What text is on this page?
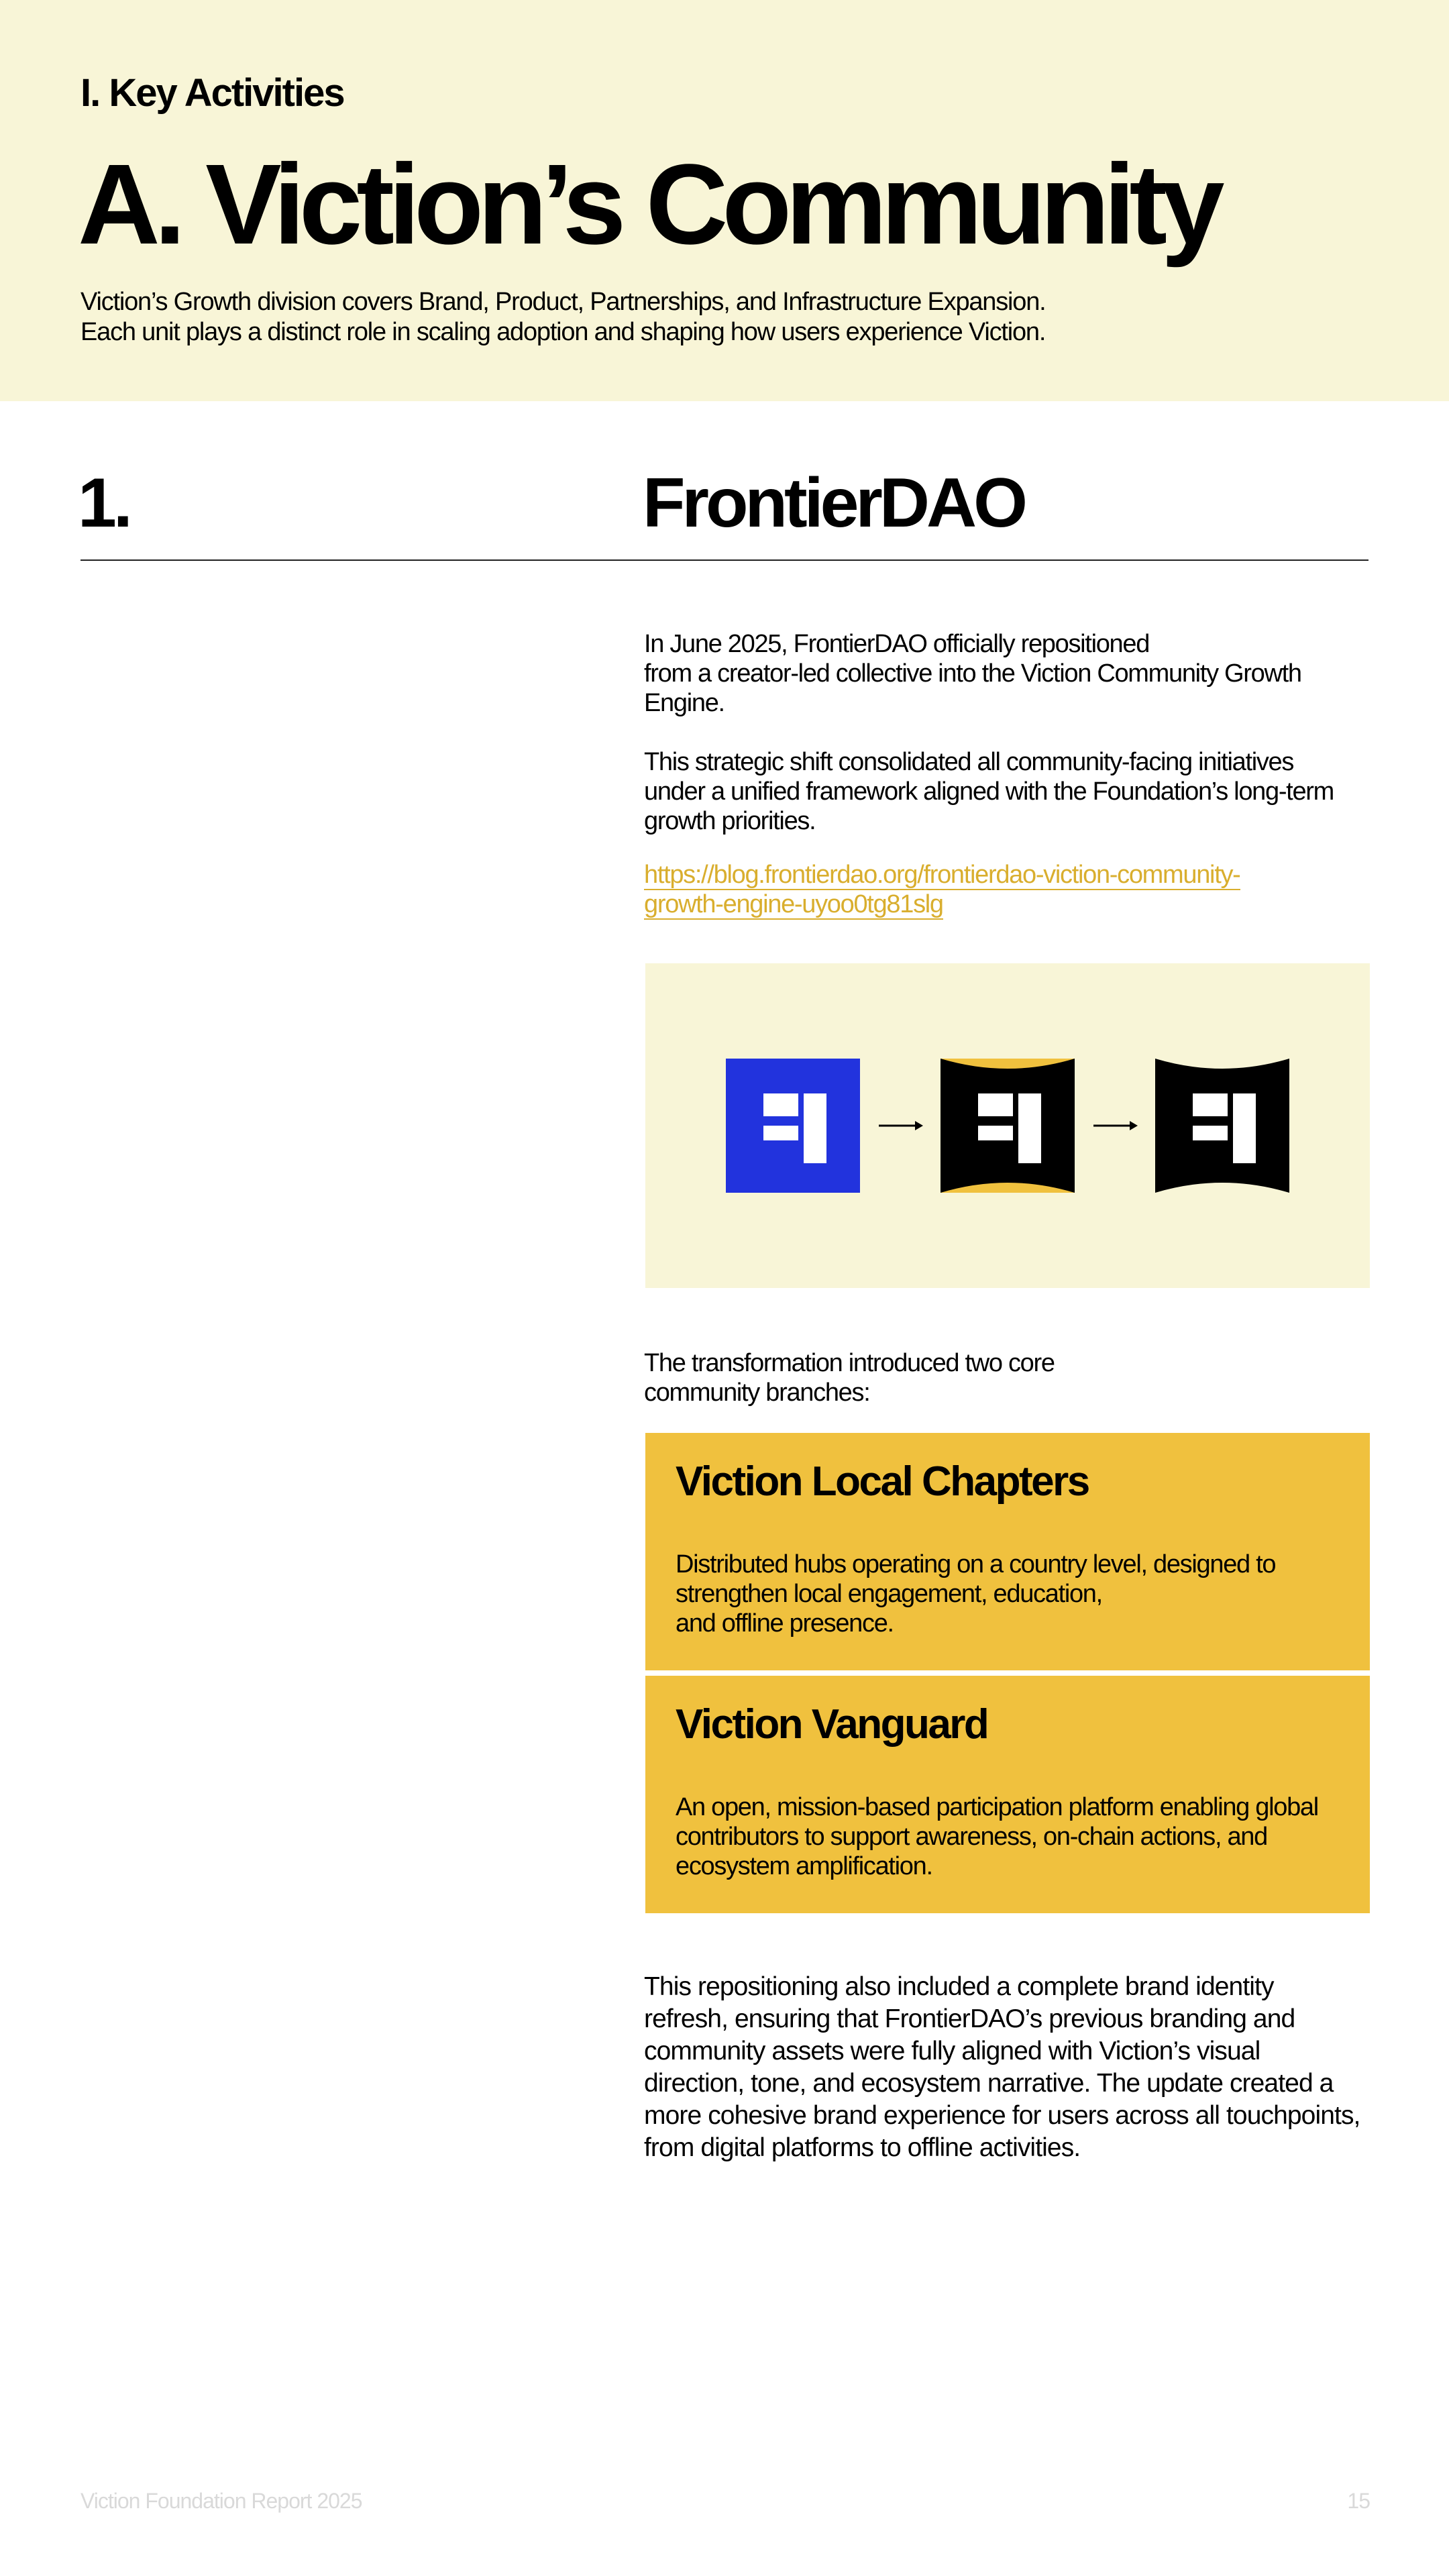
I. Key Activities
A. Viction’s Community
Viction’s Growth division covers Brand, Product, Partnerships, and Infrastructure Expansion.
Each unit plays a distinct role in scaling adoption and shaping how users experience Viction.
1.	FrontierDAO
In June 2025, FrontierDAO officially repositioned
from a creator-led collective into the Viction Community Growth
Engine.
This strategic shift consolidated all community-facing initiatives
under a unified framework aligned with the Foundation’s long-term
growth priorities.
https://blog.frontierdao.org/frontierdao-viction-community-
growth-engine-uyoo0tg81slg
The transformation introduced two core
community branches:
Viction Local Chapters
Distributed hubs operating on a country level, designed to
strengthen local engagement, education,
and offline presence.
Viction Vanguard
An open, mission-based participation platform enabling global
contributors to support awareness, on-chain actions, and
ecosystem amplification.
This repositioning also included a complete brand identity
refresh, ensuring that FrontierDAO’s previous branding and
community assets were fully aligned with Viction’s visual
direction, tone, and ecosystem narrative. The update created a
more cohesive brand experience for users across all touchpoints,
from digital platforms to offline activities.
Viction Foundation Report 2025	15
